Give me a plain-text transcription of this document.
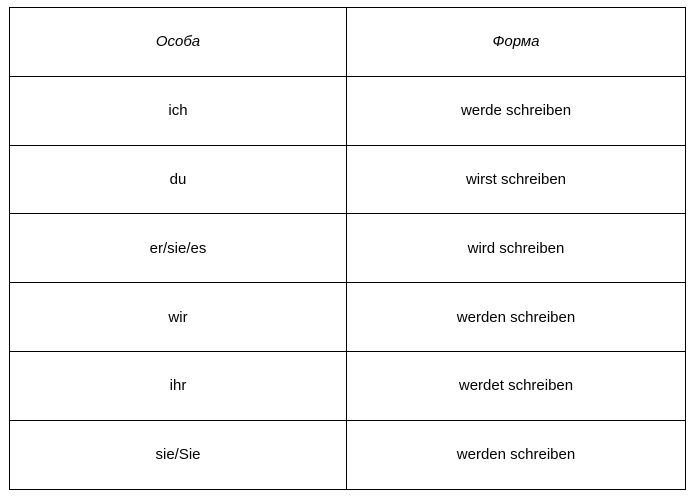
Особа	Форма
ich	werde schreiben
du	wirst schreiben
er/sie/es	wird schreiben
wir	werden schreiben
ihr	werdet schreiben
sie/Sie	werden schreiben
